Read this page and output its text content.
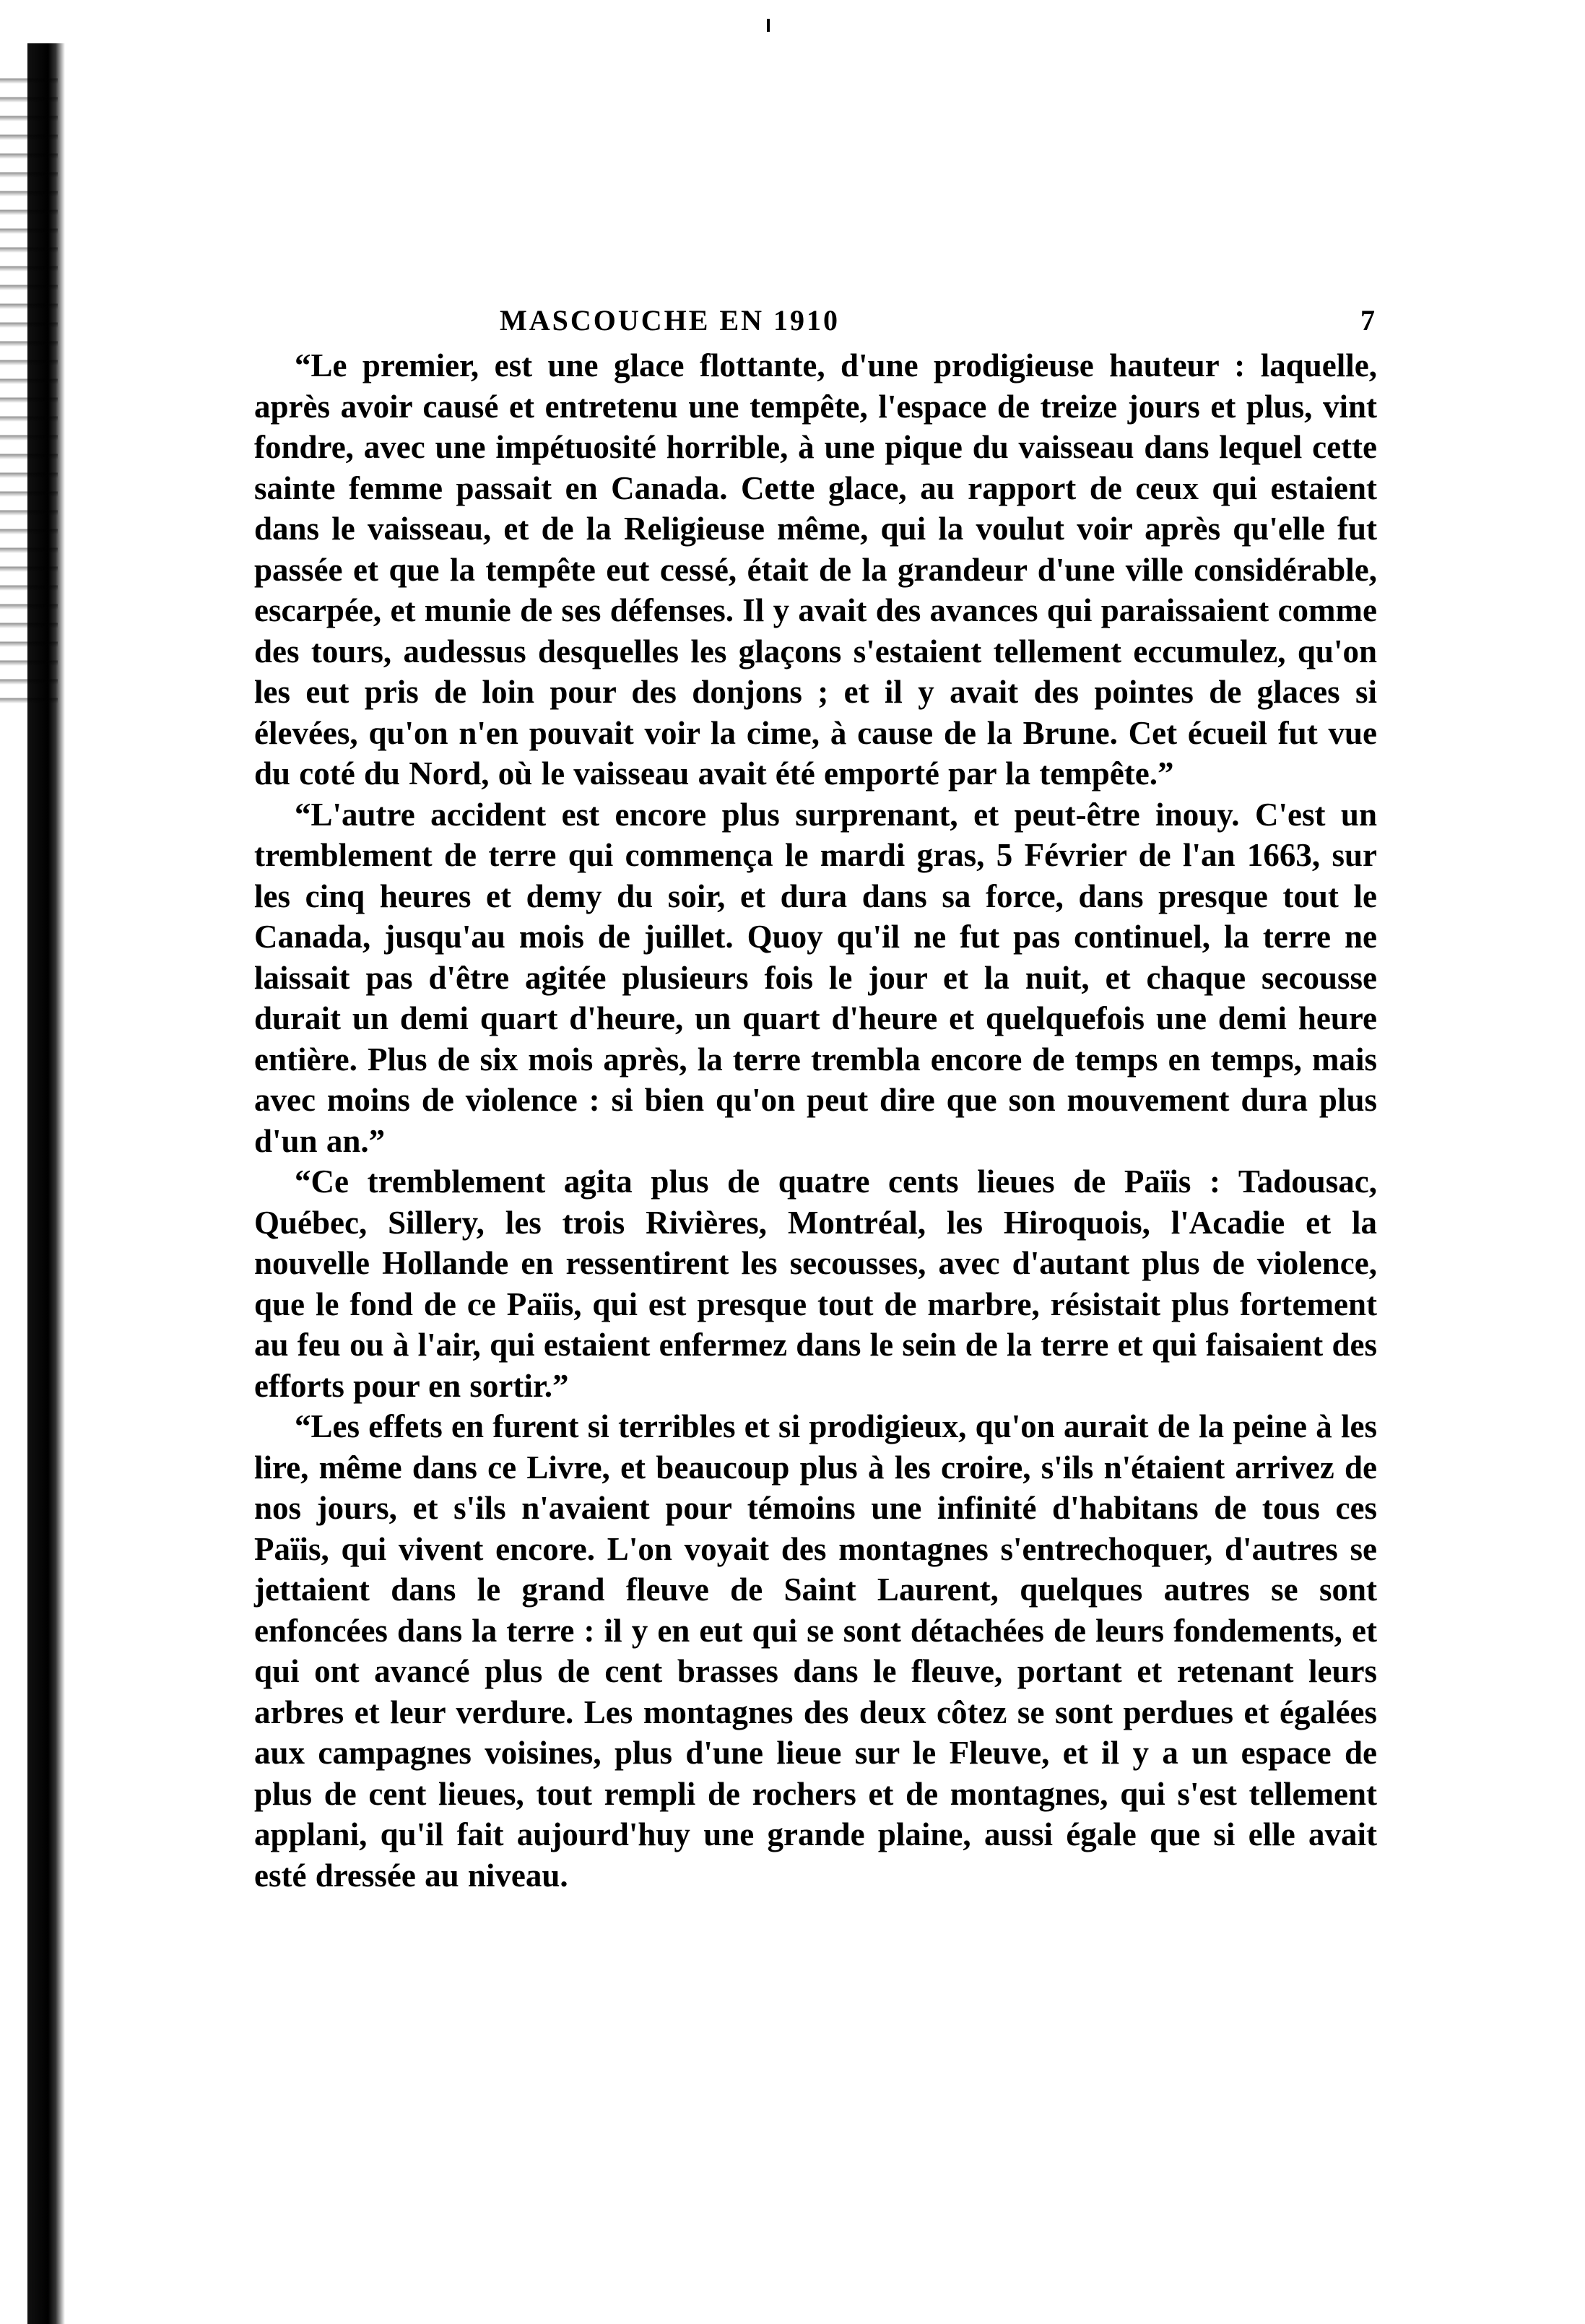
MASCOUCHE EN 1910	7

“Le premier, est une glace flottante, d'une prodigieuse hauteur : laquelle, après avoir causé et entretenu une tempête, l'espace de treize jours et plus, vint fondre, avec une impétuosité horrible, à une pique du vaisseau dans lequel cette sainte femme passait en Canada. Cette glace, au rapport de ceux qui estaient dans le vaisseau, et de la Religieuse même, qui la voulut voir après qu'elle fut passée et que la tempête eut cessé, était de la grandeur d'une ville considérable, escarpée, et munie de ses défenses. Il y avait des avances qui paraissaient comme des tours, audessus desquelles les glaçons s'estaient tellement eccumulez, qu'on les eut pris de loin pour des donjons ; et il y avait des pointes de glaces si élevées, qu'on n'en pouvait voir la cime, à cause de la Brune. Cet écueil fut vue du coté du Nord, où le vaisseau avait été emporté par la tempête.”

“L'autre accident est encore plus surprenant, et peut-être inouy. C'est un tremblement de terre qui commença le mardi gras, 5 Février de l'an 1663, sur les cinq heures et demy du soir, et dura dans sa force, dans presque tout le Canada, jusqu'au mois de juillet. Quoy qu'il ne fut pas continuel, la terre ne laissait pas d'être agitée plusieurs fois le jour et la nuit, et chaque secousse durait un demi quart d'heure, un quart d'heure et quelquefois une demi heure entière. Plus de six mois après, la terre trembla encore de temps en temps, mais avec moins de violence : si bien qu'on peut dire que son mouvement dura plus d'un an.”

“Ce tremblement agita plus de quatre cents lieues de Païis : Tadousac, Québec, Sillery, les trois Rivières, Montréal, les Hiroquois, l'Acadie et la nouvelle Hollande en ressentirent les secousses, avec d'autant plus de violence, que le fond de ce Païis, qui est presque tout de marbre, résistait plus fortement au feu ou à l'air, qui estaient enfermez dans le sein de la terre et qui faisaient des efforts pour en sortir.”

“Les effets en furent si terribles et si prodigieux, qu'on aurait de la peine à les lire, même dans ce Livre, et beaucoup plus à les croire, s'ils n'étaient arrivez de nos jours, et s'ils n'avaient pour témoins une infinité d'habitans de tous ces Païis, qui vivent encore. L'on voyait des montagnes s'entrechoquer, d'autres se jettaient dans le grand fleuve de Saint Laurent, quelques autres se sont enfoncées dans la terre : il y en eut qui se sont détachées de leurs fondements, et qui ont avancé plus de cent brasses dans le fleuve, portant et retenant leurs arbres et leur verdure. Les montagnes des deux côtez se sont perdues et égalées aux campagnes voisines, plus d'une lieue sur le Fleuve, et il y a un espace de plus de cent lieues, tout rempli de rochers et de montagnes, qui s'est tellement applani, qu'il fait aujourd'huy une grande plaine, aussi égale que si elle avait esté dressée au niveau.
